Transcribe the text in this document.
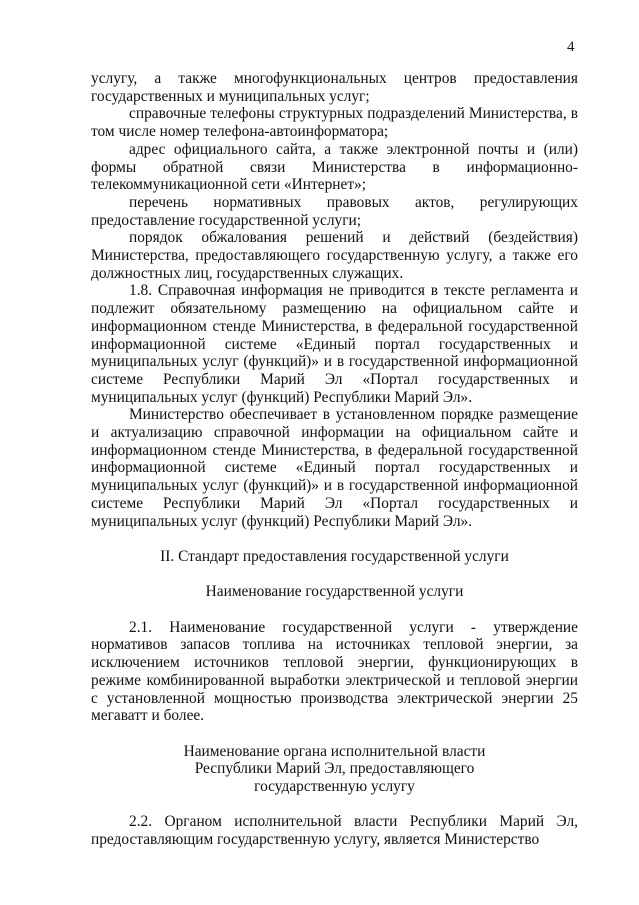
4

услугу, а также многофункциональных центров предоставления государственных и муниципальных услуг;

справочные телефоны структурных подразделений Министерства, в том числе номер телефона-автоинформатора;

адрес официального сайта, а также электронной почты и (или) формы обратной связи Министерства в информационно-телекоммуникационной сети «Интернет»;

перечень нормативных правовых актов, регулирующих предоставление государственной услуги;

порядок обжалования решений и действий (бездействия) Министерства, предоставляющего государственную услугу, а также его должностных лиц, государственных служащих.

1.8. Справочная информация не приводится в тексте регламента и подлежит обязательному размещению на официальном сайте и информационном стенде Министерства, в федеральной государственной информационной системе «Единый портал государственных и муниципальных услуг (функций)» и в государственной информационной системе Республики Марий Эл «Портал государственных и муниципальных услуг (функций) Республики Марий Эл».

Министерство обеспечивает в установленном порядке размещение и актуализацию справочной информации на официальном сайте и информационном стенде Министерства, в федеральной государственной информационной системе «Единый портал государственных и муниципальных услуг (функций)» и в государственной информационной системе Республики Марий Эл «Портал государственных и муниципальных услуг (функций) Республики Марий Эл».

II. Стандарт предоставления государственной услуги

Наименование государственной услуги

2.1. Наименование государственной услуги - утверждение нормативов запасов топлива на источниках тепловой энергии, за исключением источников тепловой энергии, функционирующих в режиме комбинированной выработки электрической и тепловой энергии с установленной мощностью производства электрической энергии 25 мегаватт и более.

Наименование органа исполнительной власти

Республики Марий Эл, предоставляющего

государственную услугу

2.2. Органом исполнительной власти Республики Марий Эл, предоставляющим государственную услугу, является Министерство
